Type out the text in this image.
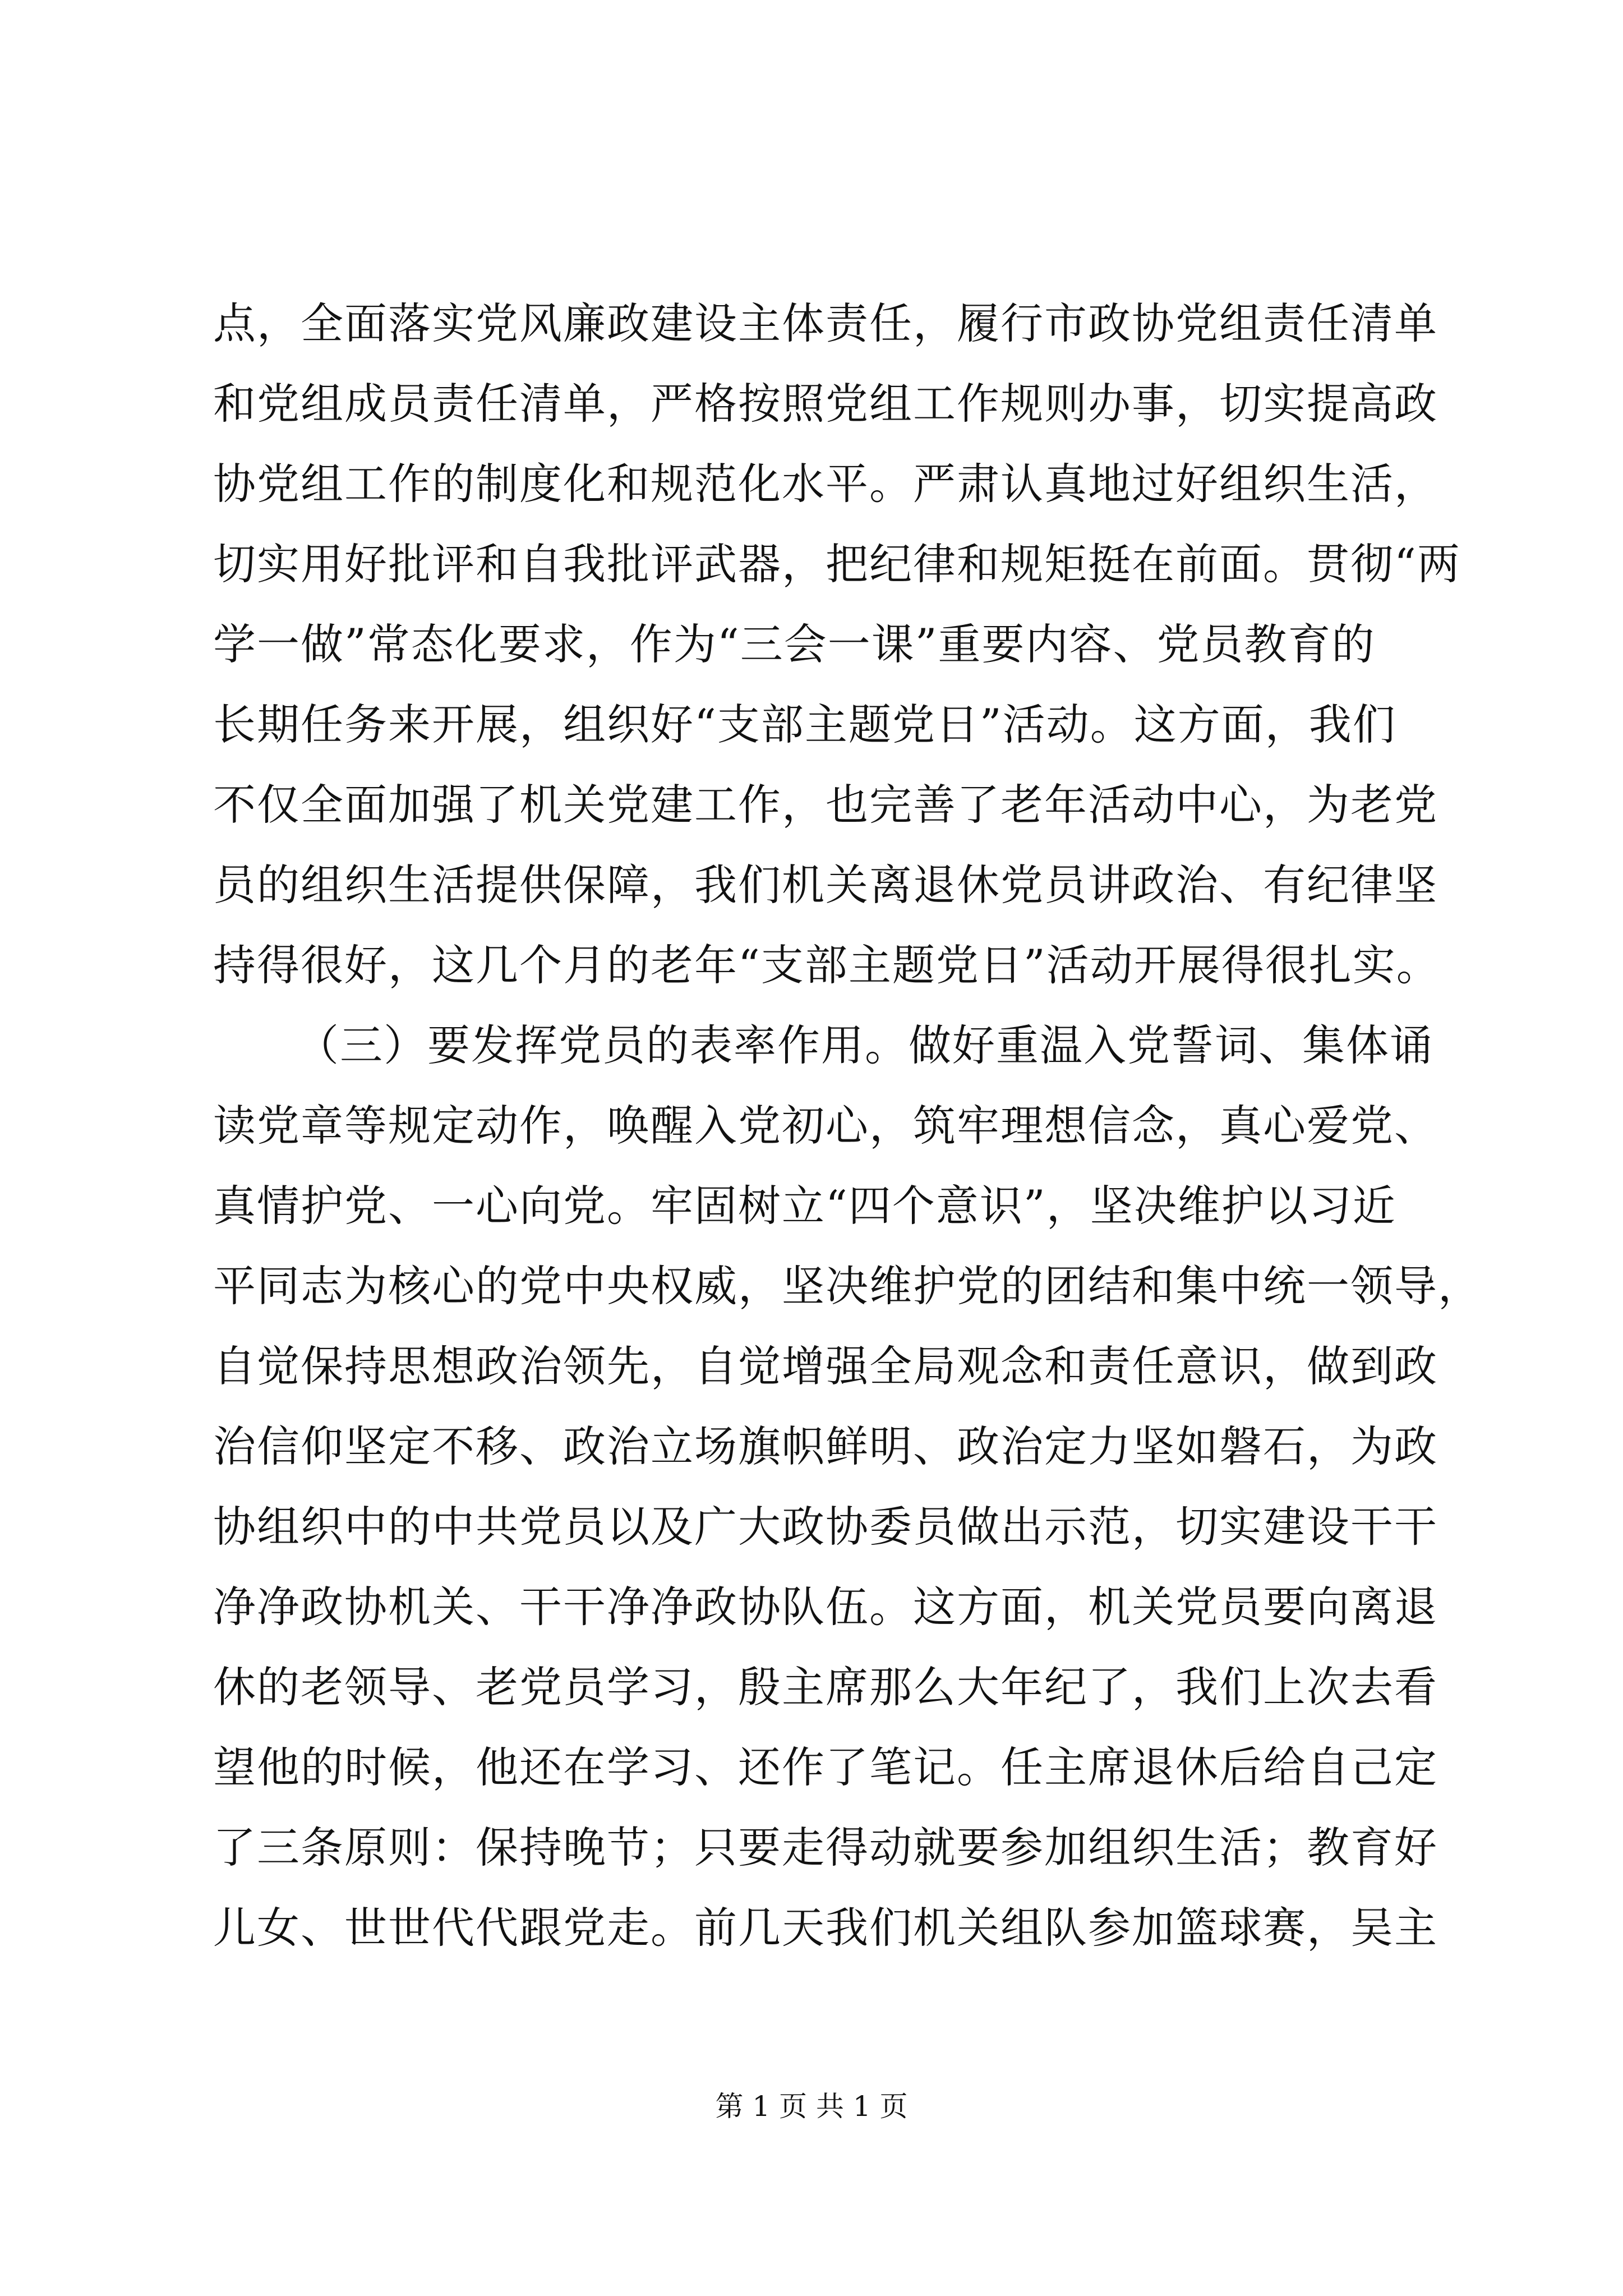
点，全面落实党风廉政建设主体责任，履行市政协党组责任清单
和党组成员责任清单，严格按照党组工作规则办事，切实提高政
协党组工作的制度化和规范化水平。严肃认真地过好组织生活，
切实用好批评和自我批评武器，把纪律和规矩挺在前面。贯彻“两
学一做”常态化要求，作为“三会一课”重要内容、党员教育的
长期任务来开展，组织好“支部主题党日”活动。这方面，我们
不仅全面加强了机关党建工作，也完善了老年活动中心，为老党
员的组织生活提供保障，我们机关离退休党员讲政治、有纪律坚
持得很好，这几个月的老年“支部主题党日”活动开展得很扎实。
（三）要发挥党员的表率作用。做好重温入党誓词、集体诵
读党章等规定动作，唤醒入党初心，筑牢理想信念，真心爱党、
真情护党、一心向党。牢固树立“四个意识”，坚决维护以习近
平同志为核心的党中央权威，坚决维护党的团结和集中统一领导，
自觉保持思想政治领先，自觉增强全局观念和责任意识，做到政
治信仰坚定不移、政治立场旗帜鲜明、政治定力坚如磐石，为政
协组织中的中共党员以及广大政协委员做出示范，切实建设干干
净净政协机关、干干净净政协队伍。这方面，机关党员要向离退
休的老领导、老党员学习，殷主席那么大年纪了，我们上次去看
望他的时候，他还在学习、还作了笔记。任主席退休后给自己定
了三条原则：保持晚节；只要走得动就要参加组织生活；教育好
儿女、世世代代跟党走。前几天我们机关组队参加篮球赛，吴主
第 1 页 共 1 页
